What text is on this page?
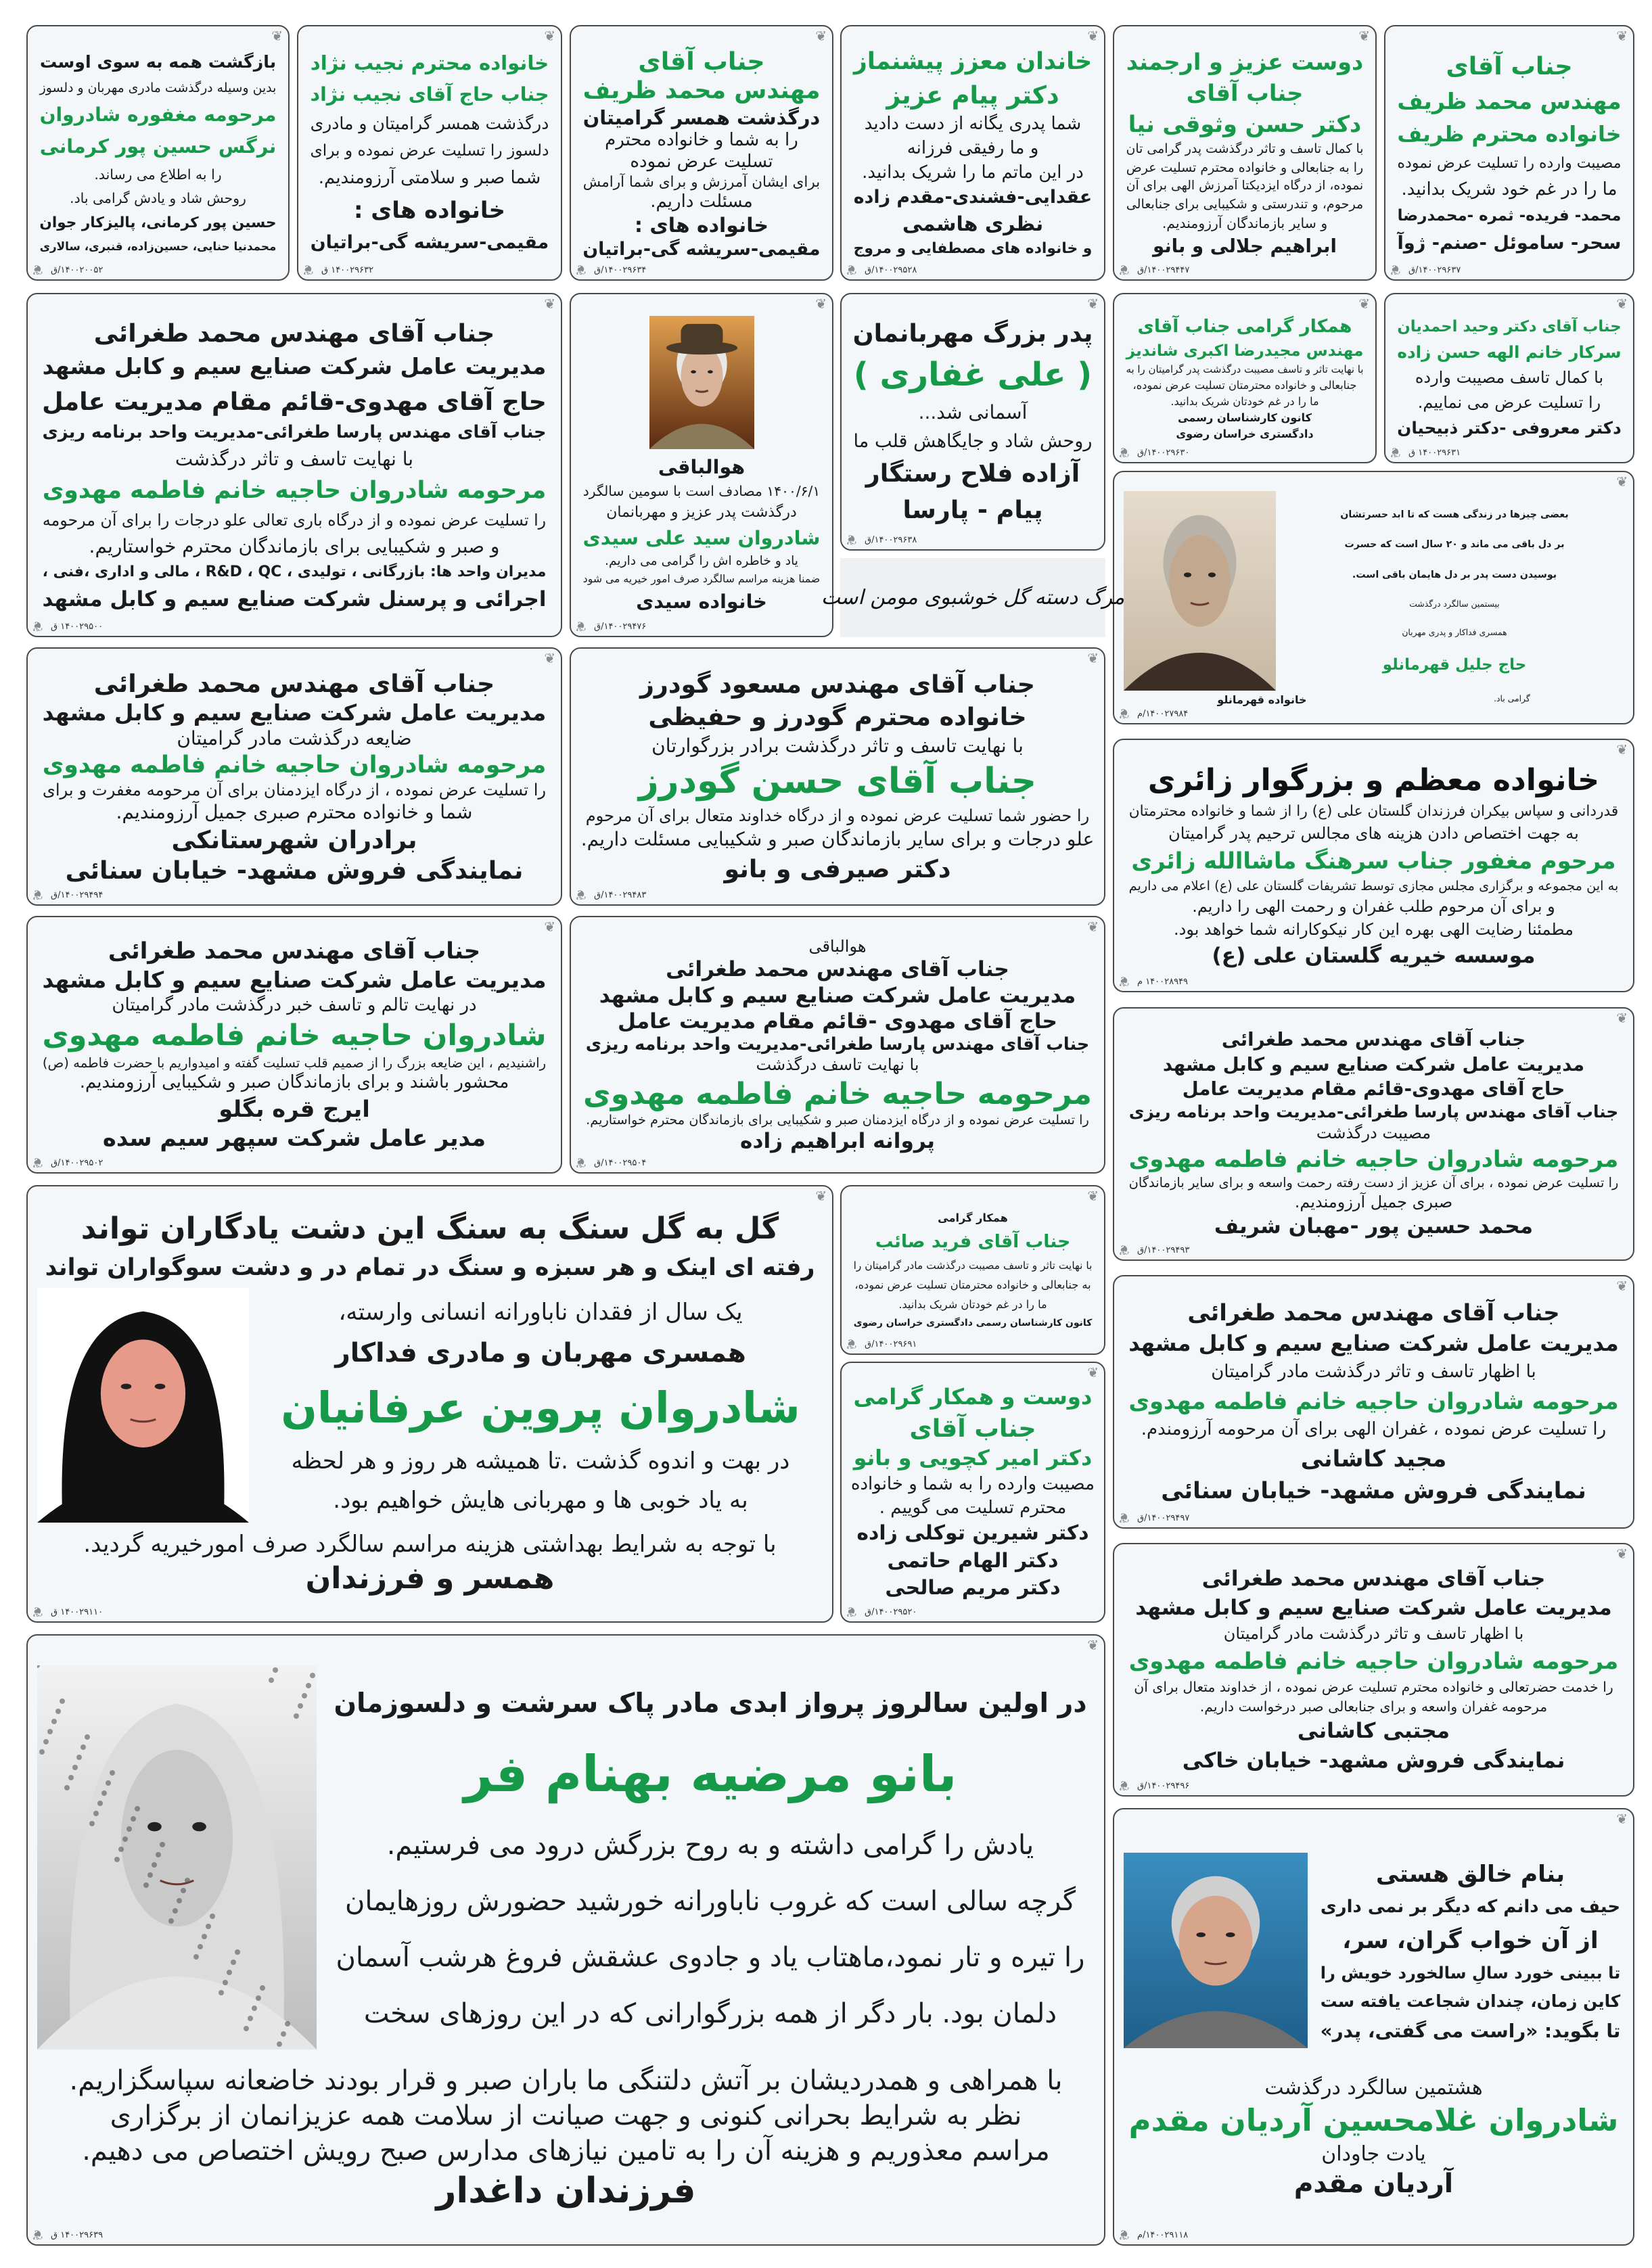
❦
❦ ۱۴۰۰۲۹۶۳۷/ق
جناب آقای
مهندس محمد ظریف
خانواده محترم ظریف
مصیبت وارده را تسلیت عرض نموده
ما را در غم خود شریک بدانید.
محمد- فریده- ثمره -محمدرضا
سحر- ساموئل -صنم- ژوآ
❦
❦ ۱۴۰۰۲۹۴۴۷/ق
دوست عزیز و ارجمند
جناب آقای
دکتر حسن وثوقی نیا
با کمال تاسف و تاثر درگذشت پدر گرامی تان
را به جنابعالی و خانواده محترم تسلیت عرض
نموده، از درگاه ایزدیکتا آمرزش الهی برای آن
مرحوم، و تندرستی و شکیبایی برای جنابعالی
و سایر بازماندگان آرزومندیم.
ابراهیم جلالی و بانو
❦
❦ ۱۴۰۰۲۹۵۲۸/ق
خاندان معزز پیشنماز
دکتر پیام عزیز
شما پدری یگانه از دست دادید
و ما رفیقی فرزانه
در این ماتم ما را شریک بدانید.
عقدایی-فشندی-مقدم زاده
نظری هاشمی
و خانواده های مصطفایی و مروج
❦
❦ ۱۴۰۰۲۹۶۳۴/ق
جناب آقای
مهندس محمد ظریف
درگذشت همسر گرامیتان
را به شما و خانواده محترم
تسلیت عرض نموده
برای ایشان آمرزش و برای شما آرامش
مسئلت داریم.
خانواده های :
مقیمی-سریشه گی-براتیان
❦
❦ ۱۴۰۰۲۹۶۳۲ ق
خانواده محترم نجیب نژاد
جناب حاج آقای نجیب نژاد
درگذشت همسر گرامیتان و مادری
دلسوز را تسلیت عرض نموده و برای
شما صبر و سلامتی آرزومندیم.
خانواده های :
مقیمی-سریشه گی-براتیان
❦
❦ ۱۴۰۰۲۰۰۵۲/ق
بازگشت همه به سوی اوست
بدین وسیله درگذشت مادری مهربان و دلسوز
مرحومه مغفوره شادروان
نرگس حسین پور کرمانی
را به اطلاع می رساند.
روحش شاد و یادش گرامی باد.
حسین پور کرمانی، پالیزکار جوان
محمدنیا حنایی، حسین‌زاده، قنبری، سالاری
❦
❦ ۱۴۰۰۲۹۶۳۱ ق
جناب آقای دکتر وحید احمدیان
سرکار خانم الهه حسن زاده
با کمال تاسف مصیبت وارده
را تسلیت عرض می نماییم.
دکتر معروفی -دکتر ذبیحیان
❦
❦ ۱۴۰۰۲۹۶۳۰/ق
همکار گرامی جناب آقای
مهندس مجیدرضا اکبری شاندیز
با نهایت تاثر و تاسف مصیبت درگذشت پدر گرامیتان را به
جنابعالی و خانواده محترمتان تسلیت عرض نموده،
ما را در غم خودتان شریک بدانید.
کانون کارشناسان رسمی
دادگستری خراسان رضوی
❦
❦ ۱۴۰۰۲۹۶۳۸/ق
پدر بزرگ مهربانمان
( علی غفاری )
آسمانی شد...
روحش شاد و جایگاهش قلب ما
آزاده فلاح رستگار
پیام - پارسا
❦
❦ ۱۴۰۰۲۹۴۷۶/ق
هوالباقی
۱۴۰۰/۶/۱ مصادف است با سومین سالگرد
درگذشت پدر عزیز و مهربانمان
شادروان سید علی سیدی
یاد و خاطره اش را گرامی می داریم.
ضمنا هزینه مراسم سالگرد صرف امور خیریه می شود
خانواده سیدی
❦
❦ ۱۴۰۰۲۹۵۰۰ ق
جناب آقای مهندس محمد طغرائی
مدیریت عامل شرکت صنایع سیم و کابل مشهد
حاج آقای مهدوی-قائم مقام مدیریت عامل
جناب آقای مهندس پارسا طغرائی-مدیریت واحد برنامه ریزی
با نهایت تاسف و تاثر درگذشت
مرحومه شادروان حاجیه خانم فاطمه مهدوی
را تسلیت عرض نموده و از درگاه باری تعالی علو درجات را برای آن مرحومه
و صبر و شکیبایی برای بازماندگان محترم خواستاریم.
مدیران واحد ها: بازرگانی ، تولیدی ، R&D ، QC ، مالی و اداری ،فنی ،
اجرائی و پرسنل شرکت صنایع سیم و کابل مشهد
❦
❦ ۱۴۰۰۲۷۹۸۴/م
بعضی چیزها در زندگی هست که تا ابد حسرتشان
بر دل باقی می ماند و ۲۰ سال است که حسرت
بوسیدن دست پدر بر دل هایمان باقی است.
بیستمین سالگرد درگذشت
همسری فداکار و پدری مهربان
حاج جلیل قهرمانلو
گرامی باد.
خانواده قهرمانلو
❦
❦ ۱۴۰۰۲۹۴۹۴/ق
جناب آقای مهندس محمد طغرائی
مدیریت عامل شرکت صنایع سیم و کابل مشهد
ضایعه درگذشت مادر گرامیتان
مرحومه شادروان حاجیه خانم فاطمه مهدوی
را تسلیت عرض نموده ، از درگاه ایزدمنان برای آن مرحومه مغفرت و برای
شما و خانواده محترم صبری جمیل آرزومندیم.
برادران شهرستانکی
نمایندگی فروش مشهد- خیابان سنائی
❦
❦ ۱۴۰۰۲۹۴۸۳/ق
جناب آقای مهندس مسعود گودرز
خانواده محترم گودرز و حفیظی
با نهایت تاسف و تاثر درگذشت برادر بزرگوارتان
جناب آقای حسن گودرز
را حضور شما تسلیت عرض نموده و از درگاه خداوند متعال برای آن مرحوم
علو درجات و برای سایر بازماندگان صبر و شکیبایی مسئلت داریم.
دکتر صیرفی و بانو
❦
❦ ۱۴۰۰۲۸۹۴۹ م
خانواده معظم و بزرگوار زائری
قدردانی و سپاس بیکران فرزندان گلستان علی (ع) را از شما و خانواده محترمتان
به جهت اختصاص دادن هزینه های مجالس ترحیم پدر گرامیتان
مرحوم مغفور جناب سرهنگ ماشاالله زائری
به این مجموعه و برگزاری مجلس مجازی توسط تشریفات گلستان علی (ع) اعلام می داریم
و برای آن مرحوم طلب غفران و رحمت الهی را داریم.
مطمئنا رضایت الهی بهره این کار نیکوکارانه شما خواهد بود.
موسسه خیریه گلستان علی (ع)
❦
❦ ۱۴۰۰۲۹۵۰۲/ق
جناب آقای مهندس محمد طغرائی
مدیریت عامل شرکت صنایع سیم و کابل مشهد
در نهایت تالم و تاسف خبر درگذشت مادر گرامیتان
شادروان حاجیه خانم فاطمه مهدوی
راشنیدیم ، این ضایعه بزرگ را از صمیم قلب تسلیت گفته و امیدواریم با حضرت فاطمه (ص)
محشور باشند و برای بازماندگان صبر و شکیبایی آرزومندیم.
ایرج قره بگلو
مدیر عامل شرکت سپهر سیم سده
❦
❦ ۱۴۰۰۲۹۵۰۴/ق
هوالباقی
جناب آقای مهندس محمد طغرائی
مدیریت عامل شرکت صنایع سیم و کابل مشهد
حاج آقای مهدوی -قائم مقام مدیریت عامل
جناب آقای مهندس پارسا طغرائی-مدیریت واحد برنامه ریزی
با نهایت تاسف درگذشت
مرحومه حاجیه خانم فاطمه مهدوی
را تسلیت عرض نموده و از درگاه ایزدمنان صبر و شکیبایی برای بازماندگان محترم خواستاریم.
پروانه ابراهیم زاده
❦
❦ ۱۴۰۰۲۹۴۹۳/ق
جناب آقای مهندس محمد طغرائی
مدیریت عامل شرکت صنایع سیم و کابل مشهد
حاج آقای مهدوی-قائم مقام مدیریت عامل
جناب آقای مهندس پارسا طغرائی-مدیریت واحد برنامه ریزی
مصیبت درگذشت
مرحومه شادروان حاجیه خانم فاطمه مهدوی
را تسلیت عرض نموده ، برای آن عزیز از دست رفته رحمت واسعه و برای سایر بازماندگان
صبری جمیل آرزومندیم.
محمد حسین پور -مهبان شریف
❦
❦ ۱۴۰۰۲۹۱۱۰ ق
گل به گل سنگ به سنگ این دشت یادگاران تواند
رفته ای اینک و هر سبزه و سنگ در تمام در و دشت سوگواران تواند
یک سال از فقدان ناباورانه انسانی وارسته،
همسری مهربان و مادری فداکار
شادروان پروین عرفانیان
در بهت و اندوه گذشت .تا همیشه هر روز و هر لحظه
به یاد خوبی ها و مهربانی هایش خواهیم بود.
با توجه به شرایط بهداشتی هزینه مراسم سالگرد صرف امورخیریه گردید.
همسر و فرزندان
❦
❦ ۱۴۰۰۲۹۶۹۱/ق
همکار گرامی
جناب آقای فرید صائب
با نهایت تاثر و تاسف مصیبت درگذشت مادر گرامیتان را
به جنابعالی و خانواده محترمتان تسلیت عرض نموده،
ما را در غم خودتان شریک بدانید.
کانون کارشناسان رسمی دادگستری خراسان رضوی
❦
❦ ۱۴۰۰۲۹۵۲۰/ق
دوست و همکار گرامی
جناب آقای
دکتر امیر کچویی و بانو
مصیبت وارده را به شما و خانواده
محترم تسلیت می گوییم .
دکتر شیرین توکلی زاده
دکتر الهام حاتمی
دکتر مریم صالحی
❦
❦ ۱۴۰۰۲۹۴۹۷/ق
جناب آقای مهندس محمد طغرائی
مدیریت عامل شرکت صنایع سیم و کابل مشهد
با اظهار تاسف و تاثر درگذشت مادر گرامیتان
مرحومه شادروان حاجیه خانم فاطمه مهدوی
را تسلیت عرض نموده ، غفران الهی برای آن مرحومه آرزومندم.
مجید کاشانی
نمایندگی فروش مشهد- خیابان سنائی
❦
❦ ۱۴۰۰۲۹۴۹۶/ق
جناب آقای مهندس محمد طغرائی
مدیریت عامل شرکت صنایع سیم و کابل مشهد
با اظهار تاسف و تاثر درگذشت مادر گرامیتان
مرحومه شادروان حاجیه خانم فاطمه مهدوی
را خدمت حضرتعالی و خانواده محترم تسلیت عرض نموده ، از خداوند متعال برای آن
مرحومه غفران واسعه و برای جنابعالی صبر درخواست داریم.
مجتبی کاشانی
نمایندگی فروش مشهد- خیابان خاکی
❦
❦ ۱۴۰۰۲۹۶۳۹ ق
در اولین سالروز پرواز ابدی مادر پاک سرشت و دلسوزمان
بانو مرضیه بهنام فر
یادش را گرامی داشته و به روح بزرگش درود می فرستیم.
گرچه سالی است که غروب ناباورانه خورشید حضورش روزهایمان
را تیره و تار نمود،ماهتاب یاد و جادوی عشقش فروغ هرشب آسمان
دلمان بود. بار دگر از همه بزرگوارانی که در این روزهای سخت
با همراهی و همدردیشان بر آتش دلتنگی ما باران صبر و قرار بودند خاضعانه سپاسگزاریم.
نظر به شرایط بحرانی کنونی و جهت صیانت از سلامت همه عزیزانمان از برگزاری
مراسم معذوریم و هزینه آن را به تامین نیازهای مدارس صبح رویش اختصاص می دهیم.
فرزندان داغدار
❦
❦ ۱۴۰۰۲۹۱۱۸/م
بنام خالق هستی
حیف می دانم که دیگر بر نمی داری
از آن خواب گران، سر،
تا ببینی خورد سالِ سالخورد خویش را
کاین زمان، چندان شجاعت یافته ست
تا بگوید: «راست می گفتی، پدر»
هشتمین سالگرد درگذشت
شادروان غلامحسین آردیان مقدم
یادت جاودان
آردیان مقدم
مرگ دسته گل خوشبوی مومن است
